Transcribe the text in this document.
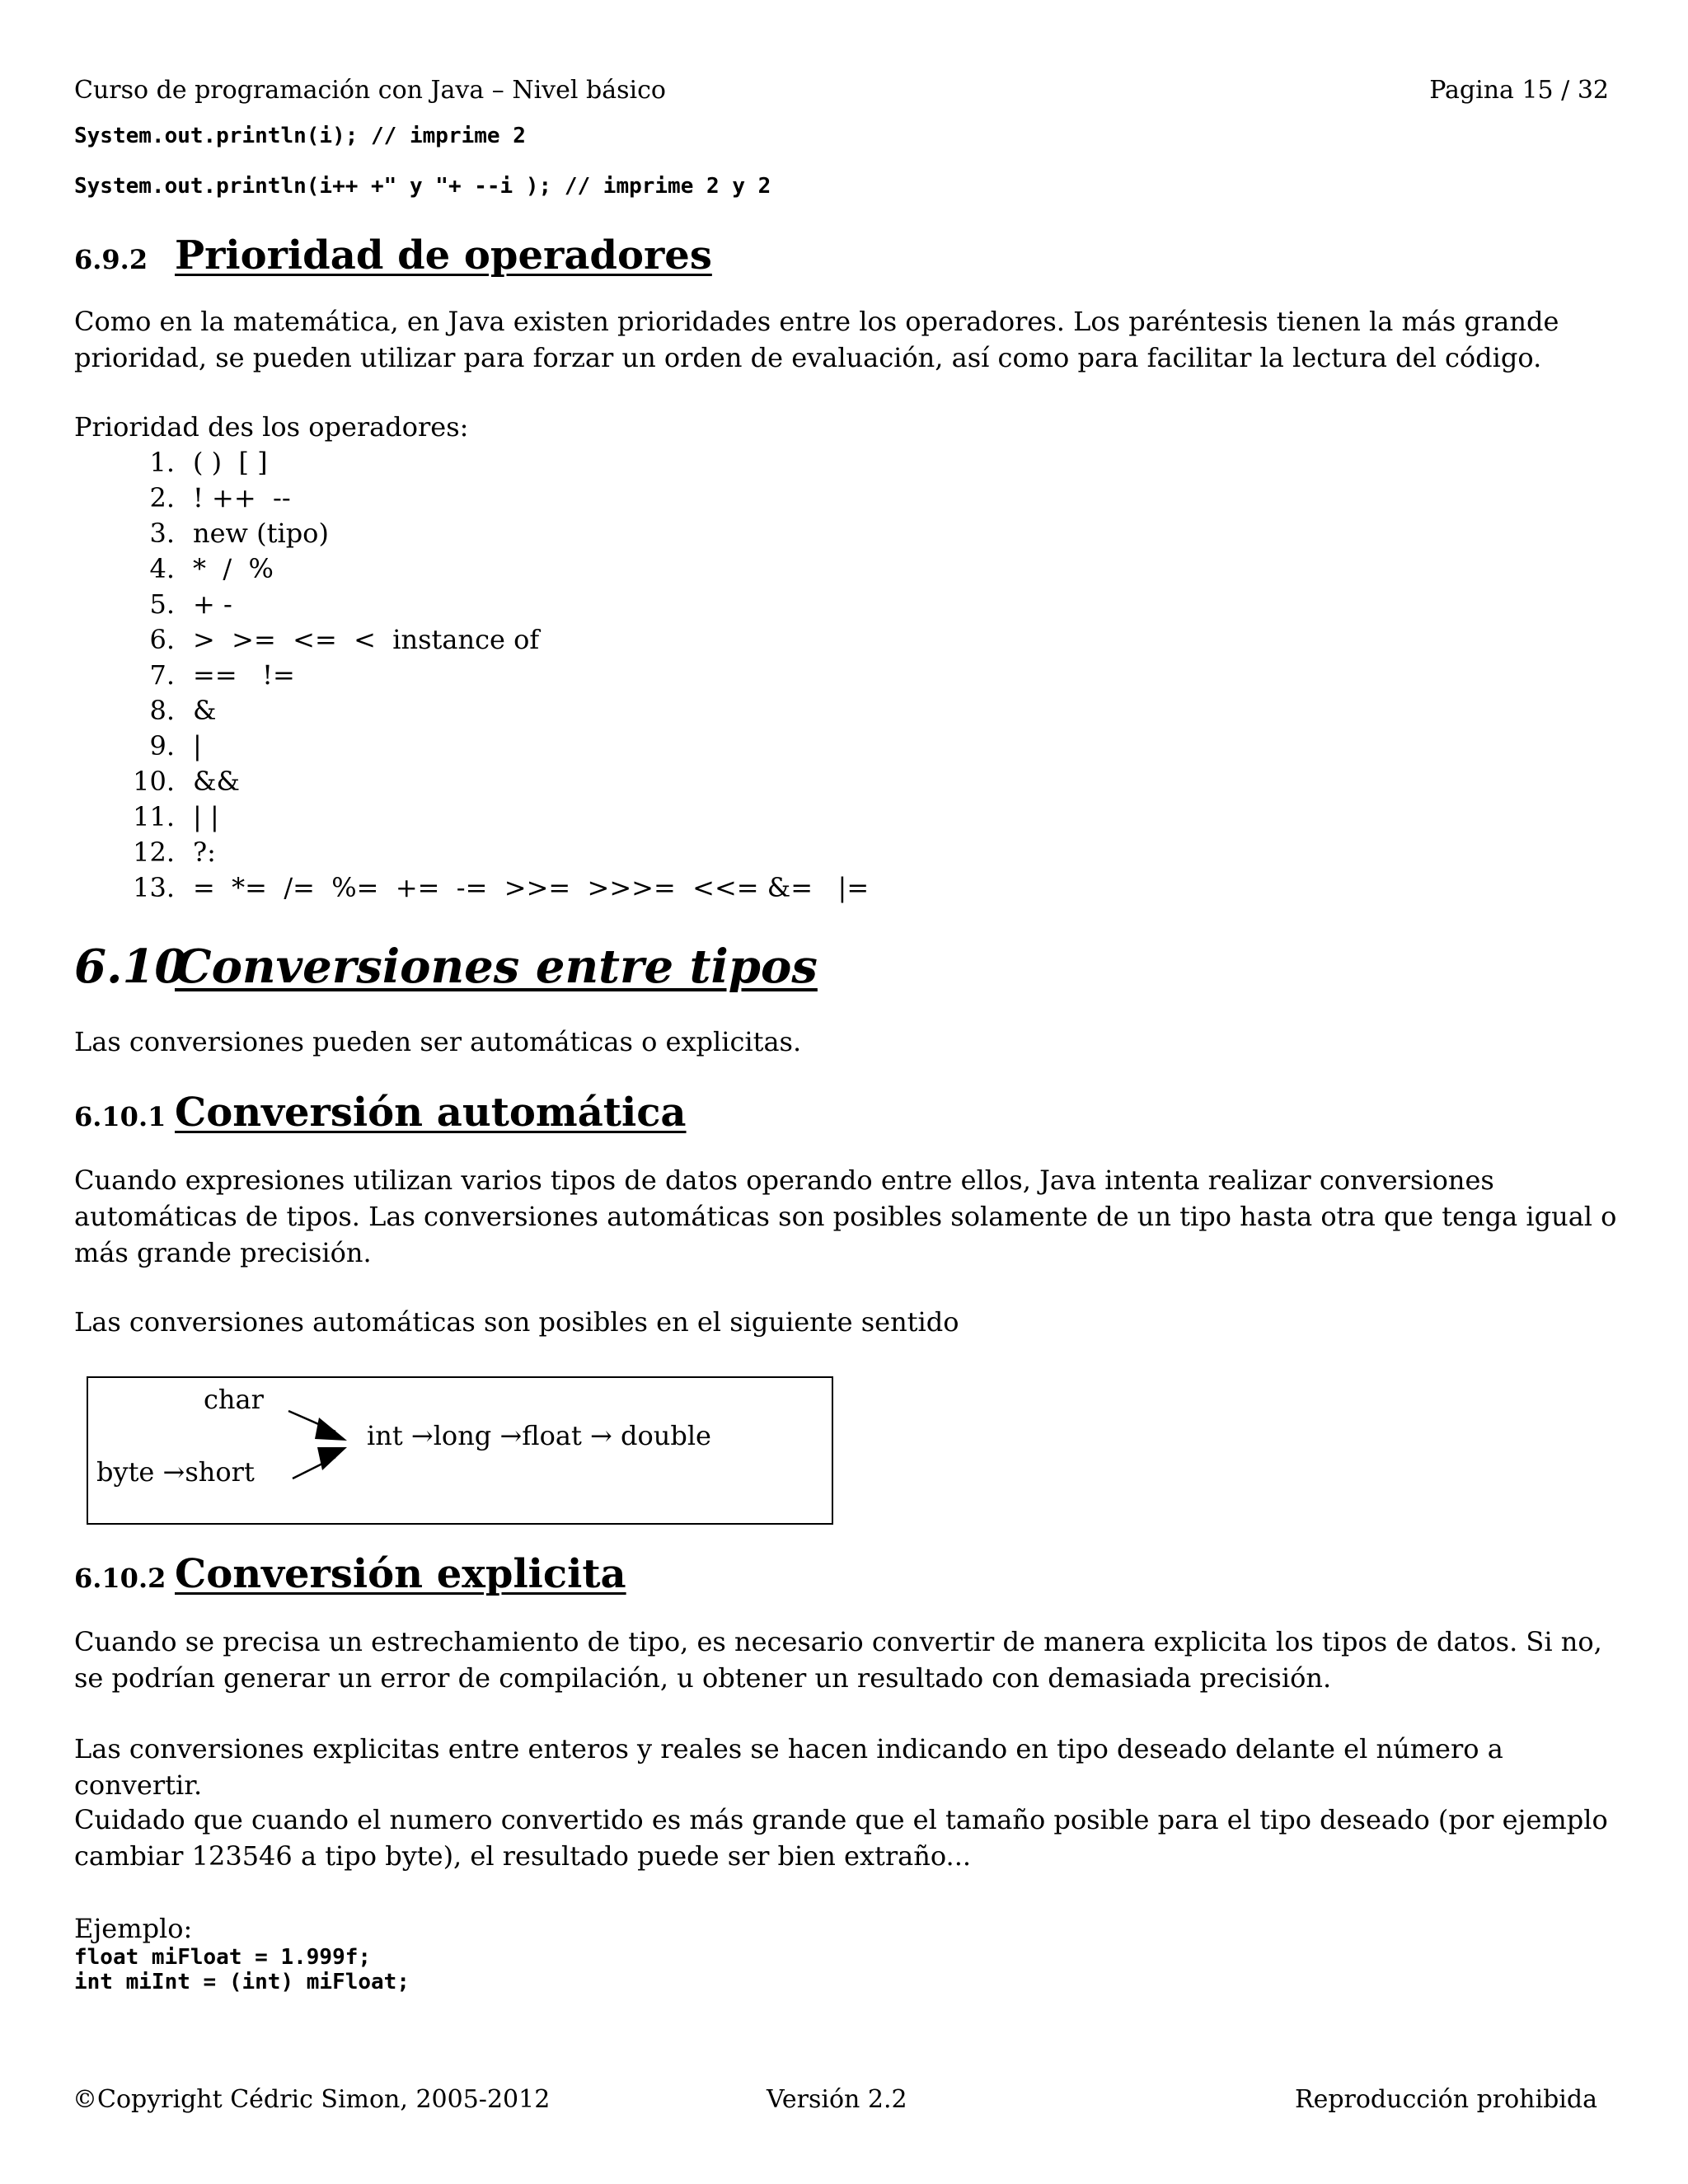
Curso de programación con Java – Nivel básico	Pagina 15 / 32
System.out.println(i); // imprime 2
System.out.println(i++ +" y "+ --i ); // imprime 2 y 2
6.9.2 Prioridad de operadores
Como en la matemática, en Java existen prioridades entre los operadores. Los paréntesis tienen la más grande prioridad, se pueden utilizar para forzar un orden de evaluación, así como para facilitar la lectura del código.
Prioridad des los operadores:
1. ( )  [ ]
2. ! ++  --
3. new (tipo)
4. *  /  %
5. + -
6. >  >=  <=  <  instance of
7. ==   !=
8. &
9. |
10. &&
11. | |
12. ?:
13. =  *=  /=  %=  +=  -=  >>=  >>>=  <<= &=   |=
6.10
Conversiones entre tipos
Las conversiones pueden ser automáticas o explicitas.
6.10.1 Conversión automática
Cuando expresiones utilizan varios tipos de datos operando entre ellos, Java intenta realizar conversiones automáticas de tipos. Las conversiones automáticas son posibles solamente de un tipo hasta otra que tenga igual o más grande precisión.
Las conversiones automáticas son posibles en el siguiente sentido
6.10.2 Conversión explicita
Cuando se precisa un estrechamiento de tipo, es necesario convertir de manera explicita los tipos de datos. Si no, se podrían generar un error de compilación, u obtener un resultado con demasiada precisión.
Las conversiones explicitas entre enteros y reales se hacen indicando en tipo deseado delante el número a convertir.
Cuidado que cuando el numero convertido es más grande que el tamaño posible para el tipo deseado (por ejemplo cambiar 123546 a tipo byte), el resultado puede ser bien extraño...
Ejemplo:
float miFloat = 1.999f;
int miInt = (int) miFloat;
char
byte →short
int →long →float → double
©Copyright Cédric Simon, 2005-2012	Versión 2.2	Reproducción prohibida
